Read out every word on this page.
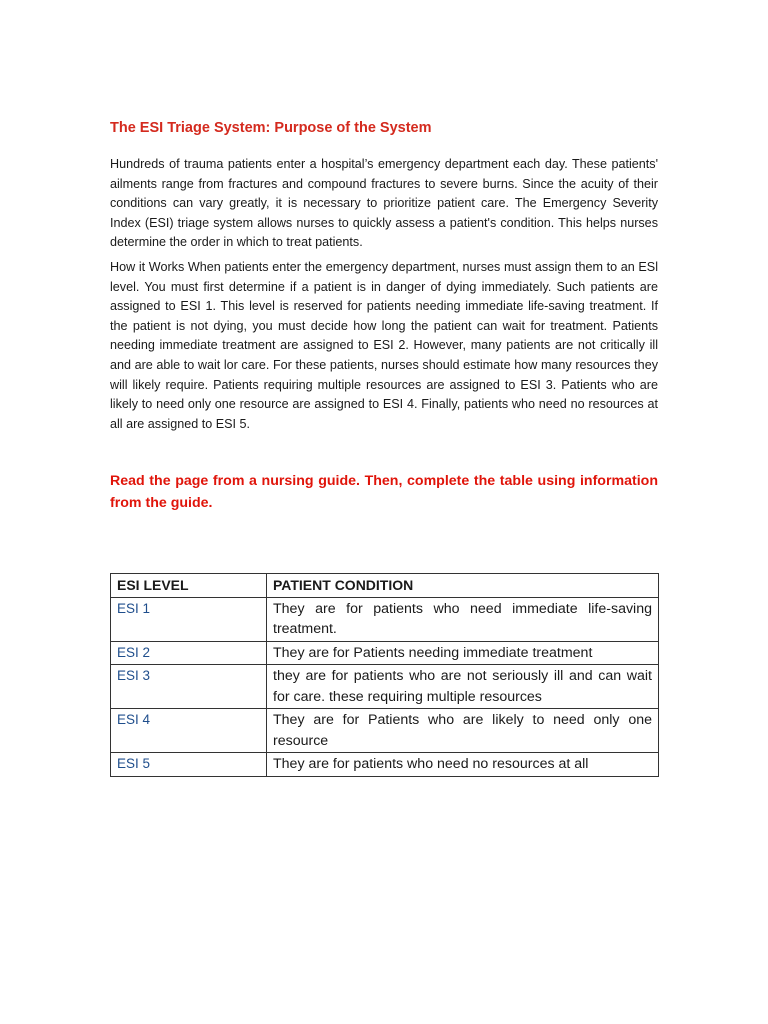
The ESI Triage System: Purpose of the System

Hundreds of trauma patients enter a hospital’s emergency department each day. These patients' ailments range from fractures and compound fractures to severe burns. Since the acuity of their conditions can vary greatly, it is necessary to prioritize patient care. The Emergency Severity Index (ESI) triage system allows nurses to quickly assess a patient's condition. This helps nurses determine the order in which to treat patients.

How it Works When patients enter the emergency department, nurses must assign them to an ESl level. You must first determine if a patient is in danger of dying immediately. Such patients are assigned to ESI 1. This level is reserved for patients needing immediate life-saving treatment. If the patient is not dying, you must decide how long the patient can wait for treatment. Patients needing immediate treatment are assigned to ESI 2. However, many patients are not critically ill and are able to wait lor care. For these patients, nurses should estimate how many resources they will likely require. Patients requiring multiple resources are assigned to ESI 3. Patients who are likely to need only one resource are assigned to ESI 4. Finally, patients who need no resources at all are assigned to ESI 5.

Read the page from a nursing guide. Then, complete the table using information from the guide.

ESI LEVEL	PATIENT CONDITION
ESI 1	They are for patients who need immediate life-saving treatment.
ESI 2	They are for Patients needing immediate treatment
ESI 3	they are for patients who are not seriously ill and can wait for care. these requiring multiple resources
ESI 4	They are for Patients who are likely to need only one resource
ESI 5	They are for patients who need no resources at all
